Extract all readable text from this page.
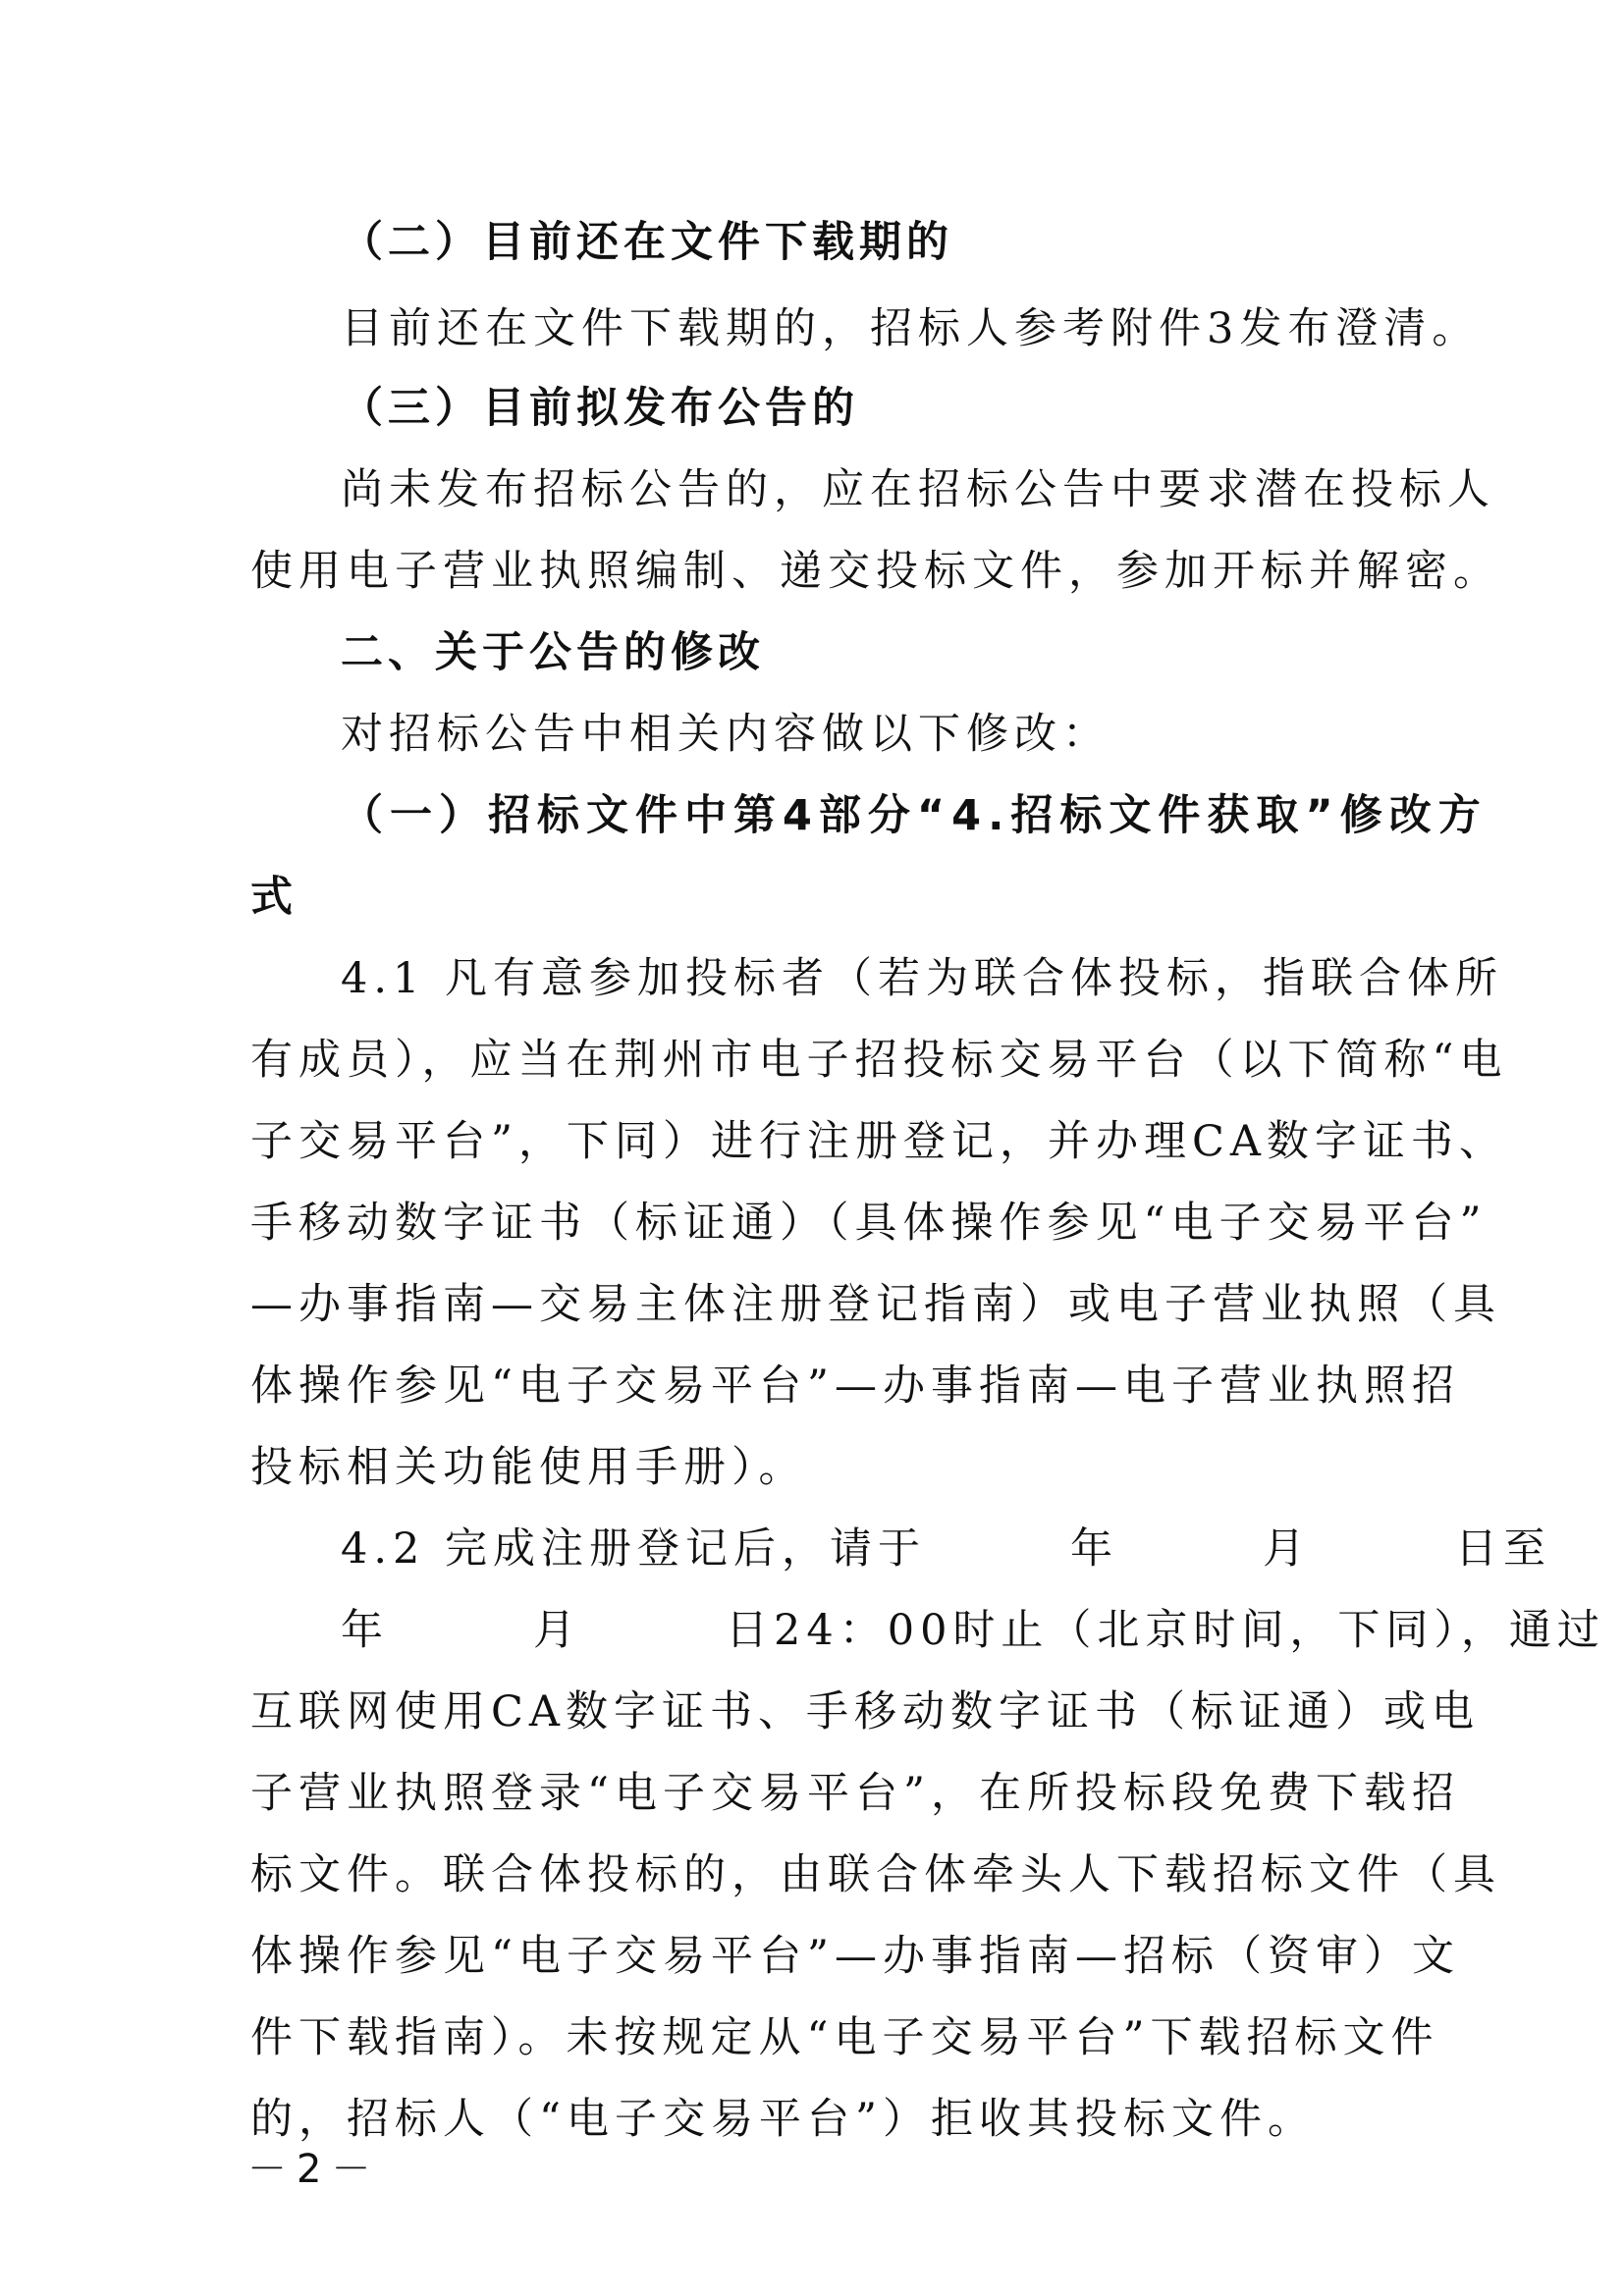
（二）目前还在文件下载期的
目前还在文件下载期的，招标人参考附件3发布澄清。
（三）目前拟发布公告的
尚未发布招标公告的，应在招标公告中要求潜在投标人
使用电子营业执照编制、递交投标文件，参加开标并解密。
二、关于公告的修改
对招标公告中相关内容做以下修改：
（一）招标文件中第4部分“4.招标文件获取”修改方
式
4.1 凡有意参加投标者（若为联合体投标，指联合体所
有成员），应当在荆州市电子招投标交易平台（以下简称“电
子交易平台”，下同）进行注册登记，并办理CA数字证书、
手移动数字证书（标证通）（具体操作参见“电子交易平台”
—办事指南—交易主体注册登记指南）或电子营业执照（具
体操作参见“电子交易平台”—办事指南—电子营业执照招
投标相关功能使用手册）。
4.2 完成注册登记后，请于　　　年　　　月　　　日至
年　　　月　　　日24：00时止（北京时间，下同），通过
互联网使用CA数字证书、手移动数字证书（标证通）或电
子营业执照登录“电子交易平台”，在所投标段免费下载招
标文件。联合体投标的，由联合体牵头人下载招标文件（具
体操作参见“电子交易平台”—办事指南—招标（资审）文
件下载指南）。未按规定从“电子交易平台”下载招标文件
的，招标人（“电子交易平台”）拒收其投标文件。
－2－
